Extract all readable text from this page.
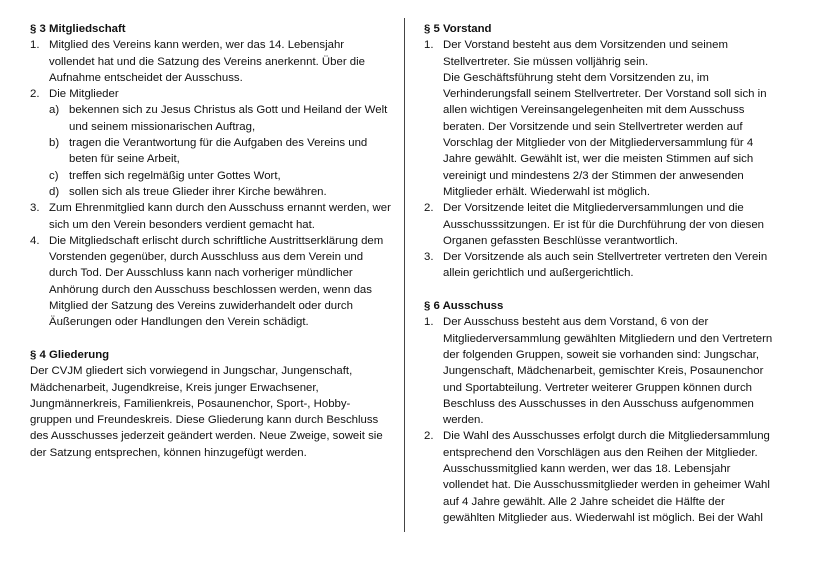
§ 3 Mitgliedschaft
1. Mitglied des Vereins kann werden, wer das 14. Lebensjahr vollendet hat und die Satzung des Vereins anerkennt. Über die Aufnahme entscheidet der Ausschuss.
2. Die Mitglieder
a) bekennen sich zu Jesus Christus als Gott und Heiland der Welt und seinem missionarischen Auftrag,
b) tragen die Verantwortung für die Aufgaben des Vereins und beten für seine Arbeit,
c) treffen sich regelmäßig unter Gottes Wort,
d) sollen sich als treue Glieder ihrer Kirche bewähren.
3. Zum Ehrenmitglied kann durch den Ausschuss ernannt werden, wer sich um den Verein besonders verdient gemacht hat.
4. Die Mitgliedschaft erlischt durch schriftliche Austrittserklärung dem Vorstenden gegenüber, durch Ausschluss aus dem Verein und durch Tod. Der Ausschluss kann nach vorheriger mündlicher Anhörung durch den Ausschuss beschlossen werden, wenn das Mitglied der Satzung des Vereins zuwiderhandelt oder durch Äußerungen oder Handlungen den Verein schädigt.
§ 4 Gliederung

Der CVJM gliedert sich vorwiegend in Jungschar, Jungenschaft, Mädchenarbeit, Jugendkreise, Kreis junger Erwachsener, Jungmännerkreis, Familienkreis, Posaunenchor, Sport-, Hobby-gruppen und Freundeskreis. Diese Gliederung kann durch Beschluss des Ausschusses jederzeit geändert werden. Neue Zweige, soweit sie der Satzung entsprechen, können hinzugefügt werden.

§ 5 Vorstand
1. Der Vorstand besteht aus dem Vorsitzenden und seinem Stellvertreter. Sie müssen volljährig sein.
Die Geschäftsführung steht dem Vorsitzenden zu, im Verhinderungsfall seinem Stellvertreter. Der Vorstand soll sich in allen wichtigen Vereinsangelegenheiten mit dem Ausschuss beraten. Der Vorsitzende und sein Stellvertreter werden auf Vorschlag der Mitglieder von der Mitgliederversammlung für 4 Jahre gewählt. Gewählt ist, wer die meisten Stimmen auf sich vereinigt und mindestens 2/3 der Stimmen der anwesenden Mitglieder erhält. Wiederwahl ist möglich.
2. Der Vorsitzende leitet die Mitgliederversammlungen und die Ausschusssitzungen. Er ist für die Durchführung der von diesen Organen gefassten Beschlüsse verantwortlich.
3. Der Vorsitzende als auch sein Stellvertreter vertreten den Verein allein gerichtlich und außergerichtlich.
§ 6 Ausschuss
1. Der Ausschuss besteht aus dem Vorstand, 6 von der Mitgliederversammlung gewählten Mitgliedern und den Vertretern der folgenden Gruppen, soweit sie vorhanden sind: Jungschar, Jungenschaft, Mädchenarbeit, gemischter Kreis, Posaunenchor und Sportabteilung. Vertreter weiterer Gruppen können durch Beschluss des Ausschusses in den Ausschuss aufgenommen werden.
2. Die Wahl des Ausschusses erfolgt durch die Mitgliedersammlung entsprechend den Vorschlägen aus den Reihen der Mitglieder. Ausschussmitglied kann werden, wer das 18. Lebensjahr vollendet hat. Die Ausschussmitglieder werden in geheimer Wahl auf 4 Jahre gewählt. Alle 2 Jahre scheidet die Hälfte der gewählten Mitglieder aus. Wiederwahl ist möglich. Bei der Wahl
